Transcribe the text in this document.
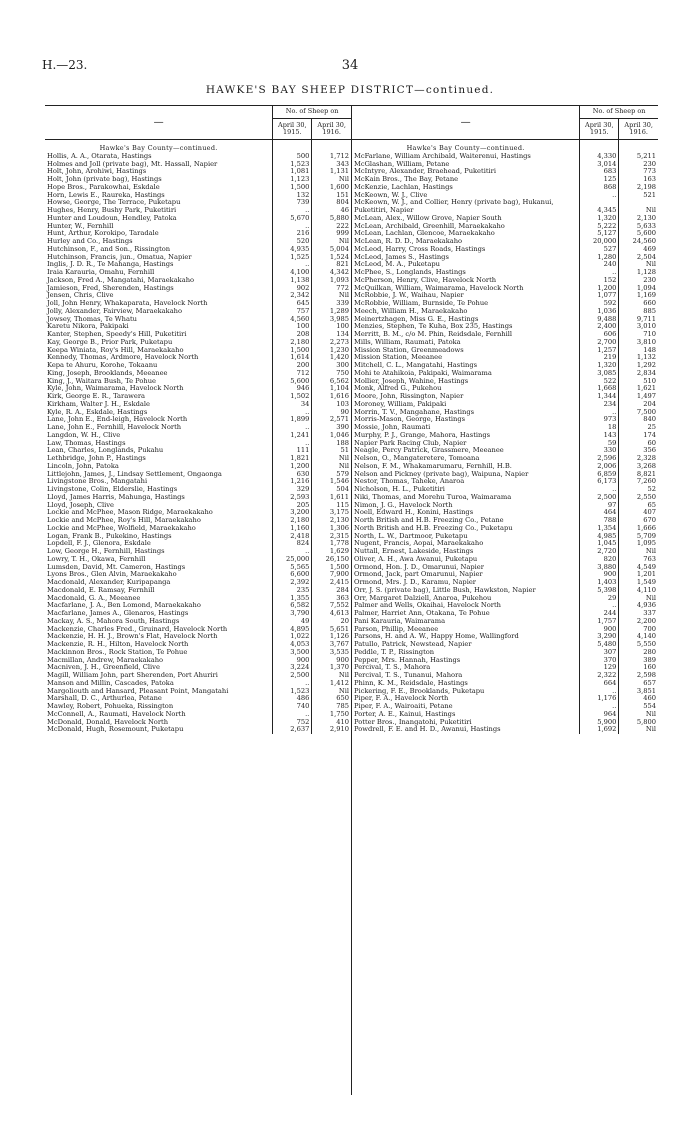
H.—23.	34
HAWKE'S BAY SHEEP DISTRICT—continued.
—	No. of Sheep on	
	April 30, 1915.	April 30, 1916.
Hawke's Bay County—continued.		
Hollis, A. A., Otarata, Hastings	500	1,712
Holmes and Joll (private bag), Mt. Hassall, Napier	1,523	343
Holt, John, Arohiwi, Hastings	1,081	1,131
Holt, John (private bag), Hastings	1,123	Nil
Hope Bros., Parakowhai, Eskdale	1,500	1,600
Horn, Lewis E., Raureka, Hastings	132	151
Howse, George, The Terrace, Puketapu	739	804
Hughes, Henry, Bushy Park, Puketitiri	..	46
Hunter and Loudoun, Hendley, Patoka	5,670	5,880
Hunter, W., Fernhill	..	222
Hunt, Arthur, Korokipo, Taradale	216	999
Hurley and Co., Hastings	520	Nil
Hutchinson, F., and Son., Rissington	4,935	5,004
Hutchinson, Francis, jun., Omatua, Napier	1,525	1,524
Inglis, J. D. R., Te Mahanga, Hastings	..	821
Iraia Karauria, Omahu, Fernhill	4,100	4,342
Jackson, Fred A., Mangatahi, Maraekakaho	1,138	1,093
Jamieson, Fred, Sherenden, Hastings	902	772
Jensen, Chris, Clive	2,342	Nil
Joll, John Henry, Whakaparata, Havelock North	645	339
Jolly, Alexander, Fairview, Maraekakaho	757	1,289
Jowsey, Thomas, Te Whatu	4,560	3,985
Karetu Nikora, Pakipaki	100	100
Kanter, Stephen, Speedy's Hill, Puketitiri	208	134
Kay, George B., Prior Park, Puketapu	2,180	2,273
Keepa Winiata, Roy's Hill, Maraekakaho	1,500	1,230
Kennedy, Thomas, Ardmore, Havelock North	1,614	1,420
Kepa te Ahuru, Korohe, Tokaanu	200	300
King, Joseph, Brooklands, Meeanee	712	750
King, J., Waitara Bush, Te Pohue	5,600	6,562
Kyle, John, Waimarama, Havelock North	946	1,104
Kirk, George E. R., Tarawera	1,502	1,616
Kirkham, Walter J. H., Eskdale	34	103
Kyle, R. A., Eskdale, Hastings	..	90
Lane, John E., End-leigh, Havelock North	1,899	2,571
Lane, John E., Fernhill, Havelock North	..	390
Langdon, W. H., Clive	1,241	1,046
Law, Thomas, Hastings	..	188
Lean, Charles, Longlands, Pukahu	111	51
Lethbridge, John P., Hastings	1,821	Nil
Lincoln, John, Patoka	1,200	Nil
Littlejohn, James, J., Lindsay Settlement, Ongaonga	630	579
Livingstone Bros., Mangatahi	1,216	1,546
Livingstone, Colin, Elderslie, Hastings	329	504
Lloyd, James Harris, Mahunga, Hastings	2,593	1,611
Lloyd, Joseph, Clive	205	115
Lockie and McPhee, Mason Ridge, Maraekakaho	3,200	3,175
Lockie and McPhee, Roy's Hill, Maraekakaho	2,180	2,130
Lockie and McPhee, Wolfield, Maraekakaho	1,160	1,306
Logan, Frank B., Pukekino, Hastings	2,418	2,315
Lopdell, F. J., Glenora, Eskdale	824	1,778
Low, George H., Fernhill, Hastings	..	1,629
Lowry, T. H., Okawa, Fernhill	25,000	26,150
Lumsden, David, Mt. Cameron, Hastings	5,565	1,500
Lyons Bros., Glen Alvin, Maraekakaho	6,600	7,900
Macdonald, Alexander, Kuripapanga	2,392	2,415
Macdonald, E. Ramsay, Fernhill	235	284
Macdonald, G. A., Meeanee	1,355	363
Macfarlane, J. A., Ben Lomond, Maraekakaho	6,582	7,552
Macfarlane, James A., Glenaros, Hastings	3,790	4,613
Mackay, A. S., Mahora South, Hastings	49	20
Mackenzie, Charles Fred., Gruinard, Havelock North	4,895	5,651
Mackenzie, H. H. J., Brown's Flat, Havelock North	1,022	1,126
Mackenzie, R. H., Hilton, Havelock North	4,053	3,767
Mackinnon Bros., Rock Station, Te Pohue	3,500	3,535
Macmillan, Andrew, Maraekakaho	900	900
Macniven, J. H., Greenfield, Clive	3,224	1,370
Magill, William John, part Sherenden, Port Ahuriri	2,500	Nil
Manson and Millin, Cascades, Patoka	..	1,412
Margoliouth and Hansard, Pleasant Point, Mangatahi	1,523	Nil
Marshall, D. C., Arthurlea, Petane	486	650
Mawley, Robert, Pohueka, Rissington	740	785
McConnell, A., Raumati, Havelock North	..	1,750
McDonald, Donald, Havelock North	752	410
McDonald, Hugh, Rosemount, Puketapu	2,637	2,910
—	No. of Sheep on	
	April 30, 1915.	April 30, 1916.
Hawke's Bay County—continued.		
McFarlane, William Archibald, Waiterenui, Hastings	4,330	5,211
McGlashan, William, Petane	3,014	230
McIntyre, Alexander, Braehead, Puketitiri	683	773
McKain Bros., The Bay, Petane	125	163
McKenzie, Lachlan, Hastings	868	2,198
McKeown, W. J., Clive	..	521
McKeown, W. J., and Collier, Henry (private bag), Hukanui, Puketitiri, Napier	4,345	Nil
McLean, Alex., Willow Grove, Napier South	1,320	2,130
McLean, Archibald, Greenhill, Maraekakaho	5,222	5,633
McLean, Lachlan, Glencoe, Maraekakaho	5,127	5,600
McLean, R. D. D., Maraekakaho	20,000	24,560
McLeod, Harry, Cross Roads, Hastings	527	469
McLeod, James S., Hastings	1,280	2,504
McLeod, M. A., Puketapu	240	Nil
McPhee, S., Longlands, Hastings	..	1,128
McPherson, Henry, Clive, Havelock North	152	230
McQuilkan, William, Waimarama, Havelock North	1,200	1,094
McRobbie, J. W., Waihau, Napier	1,077	1,169
McRobbie, William, Burnside, Te Pohue	592	660
Meech, William H., Maraekakaho	1,036	885
Meinertzhagen, Miss G. E., Hastings	9,488	9,711
Menzies, Stephen, Te Kuha, Box 235, Hastings	2,400	3,010
Merritt, B. M., c/o M. Phin, Reidsdale, Fernhill	606	710
Mills, William, Raumati, Patoka	2,700	3,810
Mission Station, Greenmeadows	1,257	148
Mission Station, Meeanee	219	1,132
Mitchell, C. L., Mangatahi, Hastings	1,320	1,292
Mohi te Atahikoia, Pakipaki, Waimarama	3,085	2,834
Mollier, Joseph, Wahine, Hastings	522	510
Monk, Alfred G., Pukehou	1,668	1,621
Moore, John, Rissington, Napier	1,344	1,497
Moroney, William, Pakipaki	234	204
Morrin, T. V., Mangahane, Hastings	..	7,500
Morris-Mason, George, Hastings	973	840
Mossie, John, Raumati	18	25
Murphy, P. J., Grange, Mahora, Hastings	143	174
Napier Park Racing Club, Napier	59	60
Neagle, Percy Patrick, Grassmere, Meeanee	330	356
Nelson, O., Mangateretere, Tomoana	2,596	2,328
Nelson, F. M., Whakamarumaru, Fernhill, H.B.	2,006	3,268
Nelson and Pickney (private bag), Waipuna, Napier	6,859	8,821
Nestor, Thomas, Taheke, Anaroa	6,173	7,260
Nicholson, H. L., Puketitiri	..	52
Niki, Thomas, and Morehu Turoa, Waimarama	2,500	2,550
Nimon, J. G., Havelock North	97	65
Noell, Edward H., Konini, Hastings	464	407
North British and H.B. Freezing Co., Petane	788	670
North British and H.B. Freezing Co., Puketapu	1,354	1,666
North, L. W., Dartmoor, Puketapu	4,985	5,709
Nugent, Francis, Aopai, Maraekakaho	1,045	1,095
Nuttall, Ernest, Lakeside, Hastings	2,720	Nil
Oliver, A. H., Awa Awanui, Puketapu	820	763
Ormond, Hon. J. D., Omarunui, Napier	3,880	4,549
Ormond, Jack, part Omarunui, Napier	900	1,201
Ormond, Mrs. J. D., Karamu, Napier	1,403	1,549
Orr, J. S. (private bag), Little Bush, Hawkston, Napier	5,398	4,110
Orr, Margaret Dalziell, Anaroa, Pukehou	29	Nil
Palmer and Wells, Okaihai, Havelock North	..	4,936
Palmer, Harriet Ann, Otakana, Te Pohue	244	337
Pani Karauria, Waimarama	1,757	2,200
Parson, Phillip, Meeanee	900	700
Parsons, H. and A. W., Happy Home, Wallingford	3,290	4,140
Patullo, Patrick, Newstead, Napier	5,480	5,550
Peddle, T. P., Rissington	307	280
Pepper, Mrs. Hannah, Hastings	370	389
Percival, T. S., Mahora	129	160
Percival, T. S., Tunanui, Mahora	2,322	2,598
Phinn, K. M., Reidsdale, Hastings	664	657
Pickering, F. E., Brooklands, Puketapu	..	3,851
Piper, F. A., Havelock North	1,176	460
Piper, F. A., Wairoaiti, Petane	..	554
Porter, A. E., Kainui, Hastings	964	Nil
Potter Bros., Inangatohi, Puketitiri	5,900	5,800
Powdrell, F. E. and H. D., Awanui, Hastings	1,692	Nil
